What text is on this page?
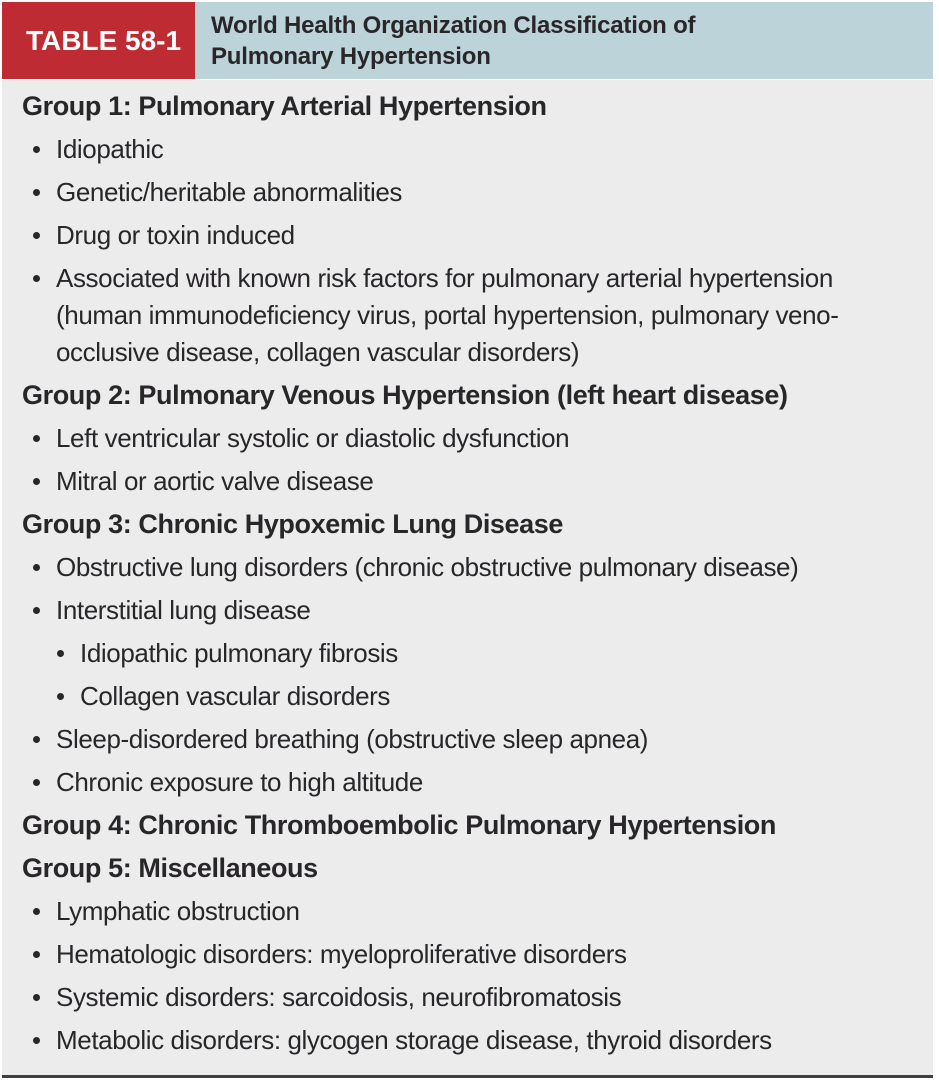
TABLE 58-1	World Health Organization Classification of Pulmonary Hypertension
Group 1: Pulmonary Arterial Hypertension
Idiopathic
Genetic/heritable abnormalities
Drug or toxin induced
Associated with known risk factors for pulmonary arterial hypertension (human immunodeficiency virus, portal hypertension, pulmonary veno-occlusive disease, collagen vascular disorders)
Group 2: Pulmonary Venous Hypertension (left heart disease)
Left ventricular systolic or diastolic dysfunction
Mitral or aortic valve disease
Group 3: Chronic Hypoxemic Lung Disease
Obstructive lung disorders (chronic obstructive pulmonary disease)
Interstitial lung disease
Idiopathic pulmonary fibrosis
Collagen vascular disorders
Sleep-disordered breathing (obstructive sleep apnea)
Chronic exposure to high altitude
Group 4: Chronic Thromboembolic Pulmonary Hypertension
Group 5: Miscellaneous
Lymphatic obstruction
Hematologic disorders: myeloproliferative disorders
Systemic disorders: sarcoidosis, neurofibromatosis
Metabolic disorders: glycogen storage disease, thyroid disorders
